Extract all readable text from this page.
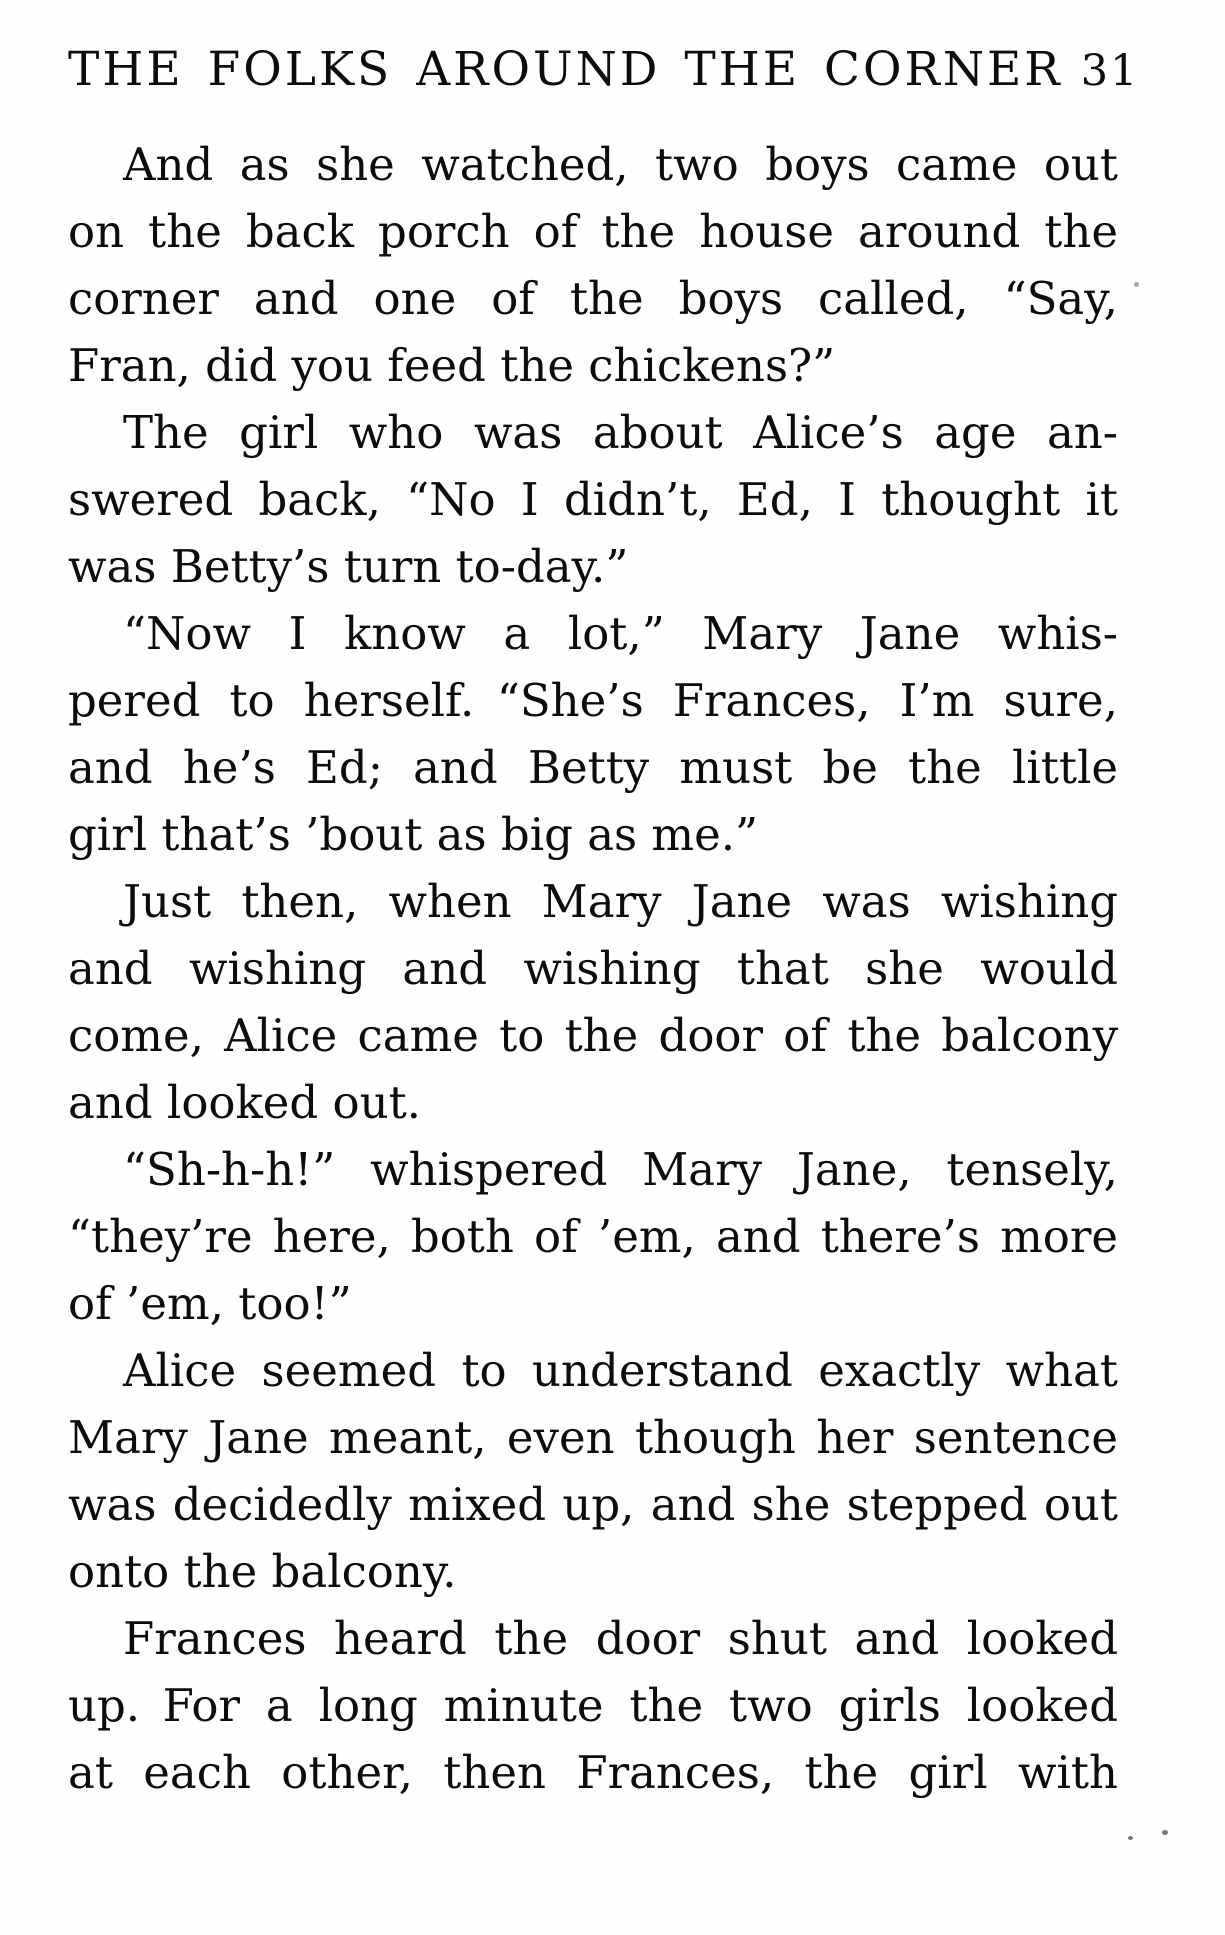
THE FOLKS AROUND THE CORNER 31
And as she watched, two boys came out
on the back porch of the house around the
corner and one of the boys called, “Say,
Fran, did you feed the chickens?”
The girl who was about Alice’s age an-
swered back, “No I didn’t, Ed, I thought it
was Betty’s turn to-day.”
“Now I know a lot,” Mary Jane whis-
pered to herself. “She’s Frances, I’m sure,
and he’s Ed; and Betty must be the little
girl that’s ’bout as big as me.”
Just then, when Mary Jane was wishing
and wishing and wishing that she would
come, Alice came to the door of the balcony
and looked out.
“Sh-h-h!” whispered Mary Jane, tensely,
“they’re here, both of ’em, and there’s more
of ’em, too!”
Alice seemed to understand exactly what
Mary Jane meant, even though her sentence
was decidedly mixed up, and she stepped out
onto the balcony.
Frances heard the door shut and looked
up. For a long minute the two girls looked
at each other, then Frances, the girl with
